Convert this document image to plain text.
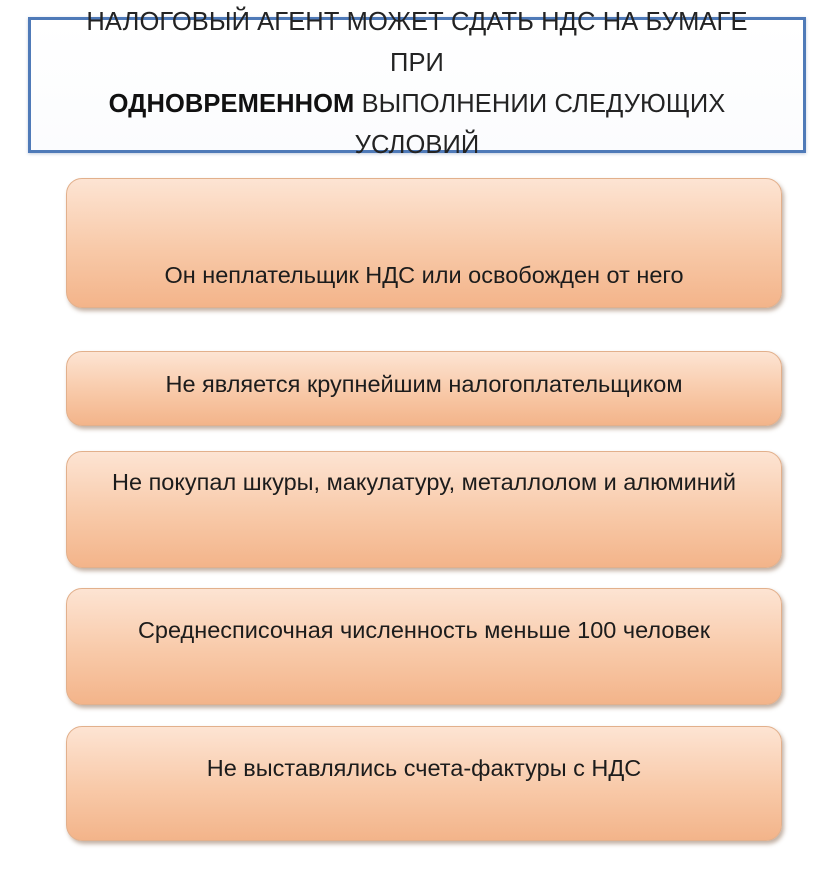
НАЛОГОВЫЙ АГЕНТ МОЖЕТ СДАТЬ НДС НА БУМАГЕ ПРИ
ОДНОВРЕМЕННОМ ВЫПОЛНЕНИИ СЛЕДУЮЩИХ
УСЛОВИЙ
Он неплательщик НДС или освобожден от него
Не является крупнейшим налогоплательщиком
Не покупал шкуры, макулатуру, металлолом и алюминий
Среднесписочная численность меньше 100 человек
Не выставлялись счета-фактуры с НДС
